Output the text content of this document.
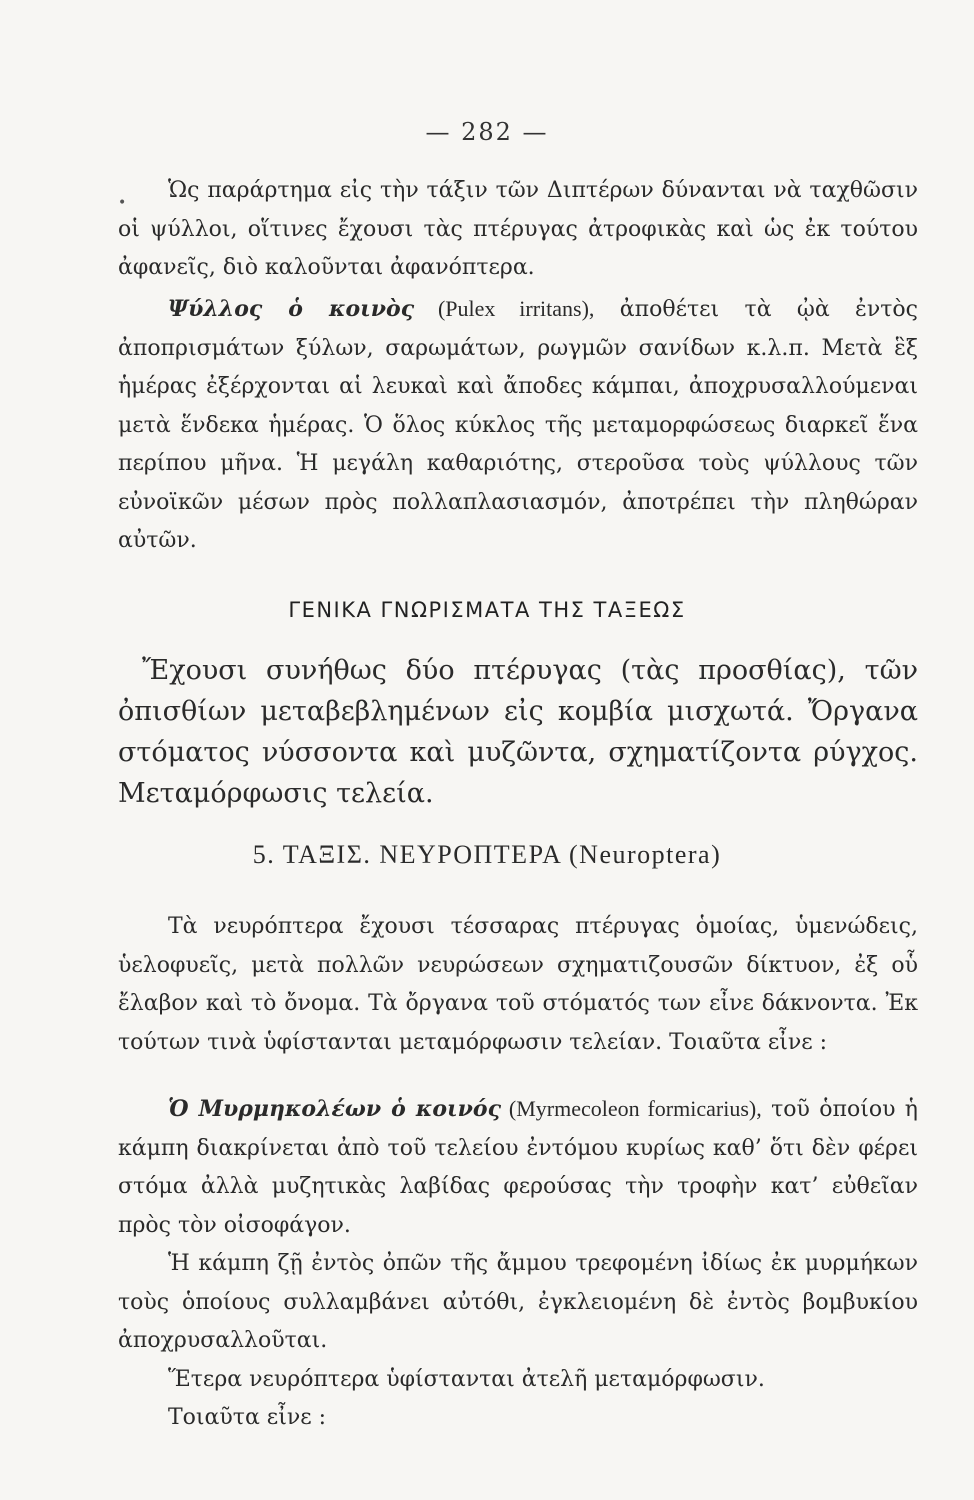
— 282 —
•	Ὡς παράρτημα εἰς τὴν τάξιν τῶν Διπτέρων δύνανται νὰ ταχθῶσιν οἱ ψύλλοι, οἵτινες ἔχουσι τὰς πτέρυγας ἀτροφικὰς καὶ ὡς ἐκ τούτου ἀφανεῖς, διὸ καλοῦνται ἀφανόπτερα.

Ψύλλος ὁ κοινὸς (Pulex irritans), ἀποθέτει τὰ ᾠὰ ἐντὸς ἀποπρισμάτων ξύλων, σαρωμάτων, ρωγμῶν σανίδων κ.λ.π. Μετὰ ἓξ ἡμέρας ἐξέρχονται αἱ λευκαὶ καὶ ἄποδες κάμπαι, ἀποχρυσαλλούμεναι μετὰ ἕνδεκα ἡμέρας. Ὁ ὅλος κύκλος τῆς μεταμορφώσεως διαρκεῖ ἕνα περίπου μῆνα. Ἡ μεγάλη καθαριότης, στεροῦσα τοὺς ψύλλους τῶν εὐνοϊκῶν μέσων πρὸς πολλαπλασιασμόν, ἀποτρέπει τὴν πληθώραν αὐτῶν.

ΓΕΝΙΚΑ ΓΝΩΡΙΣΜΑΤΑ ΤΗΣ ΤΑΞΕΩΣ

Ἔχουσι συνήθως δύο πτέρυγας (τὰς προσθίας), τῶν ὀπισθίων μεταβεβλημένων εἰς κομβία μισχωτά. Ὄργανα στόματος νύσσοντα καὶ μυζῶντα, σχηματίζοντα ρύγχος. Μεταμόρφωσις τελεία.

5. ΤΑΞΙΣ. ΝΕΥΡΟΠΤΕΡΑ (Neuroptera)

Τὰ νευρόπτερα ἔχουσι τέσσαρας πτέρυγας ὁμοίας, ὑμενώδεις, ὑελοφυεῖς, μετὰ πολλῶν νευρώσεων σχηματιζουσῶν δίκτυον, ἐξ οὗ ἔλαβον καὶ τὸ ὄνομα. Τὰ ὄργανα τοῦ στόματός των εἶνε δάκνοντα. Ἐκ τούτων τινὰ ὑφίστανται μεταμόρφωσιν τελείαν. Τοιαῦτα εἶνε :

Ὁ Μυρμηκολέων ὁ κοινός (Myrmecoleon formicarius), τοῦ ὁποίου ἡ κάμπη διακρίνεται ἀπὸ τοῦ τελείου ἐντόμου κυρίως καθ’ ὅτι δὲν φέρει στόμα ἀλλὰ μυζητικὰς λαβίδας φερούσας τὴν τροφὴν κατ’ εὐθεῖαν πρὸς τὸν οἰσοφάγον.

Ἡ κάμπη ζῇ ἐντὸς ὀπῶν τῆς ἄμμου τρεφομένη ἰδίως ἐκ μυρμήκων τοὺς ὁποίους συλλαμβάνει αὐτόθι, ἐγκλειομένη δὲ ἐντὸς βομβυκίου ἀποχρυσαλλοῦται.

Ἕτερα νευρόπτερα ὑφίστανται ἀτελῆ μεταμόρφωσιν.

Τοιαῦτα εἶνε :
